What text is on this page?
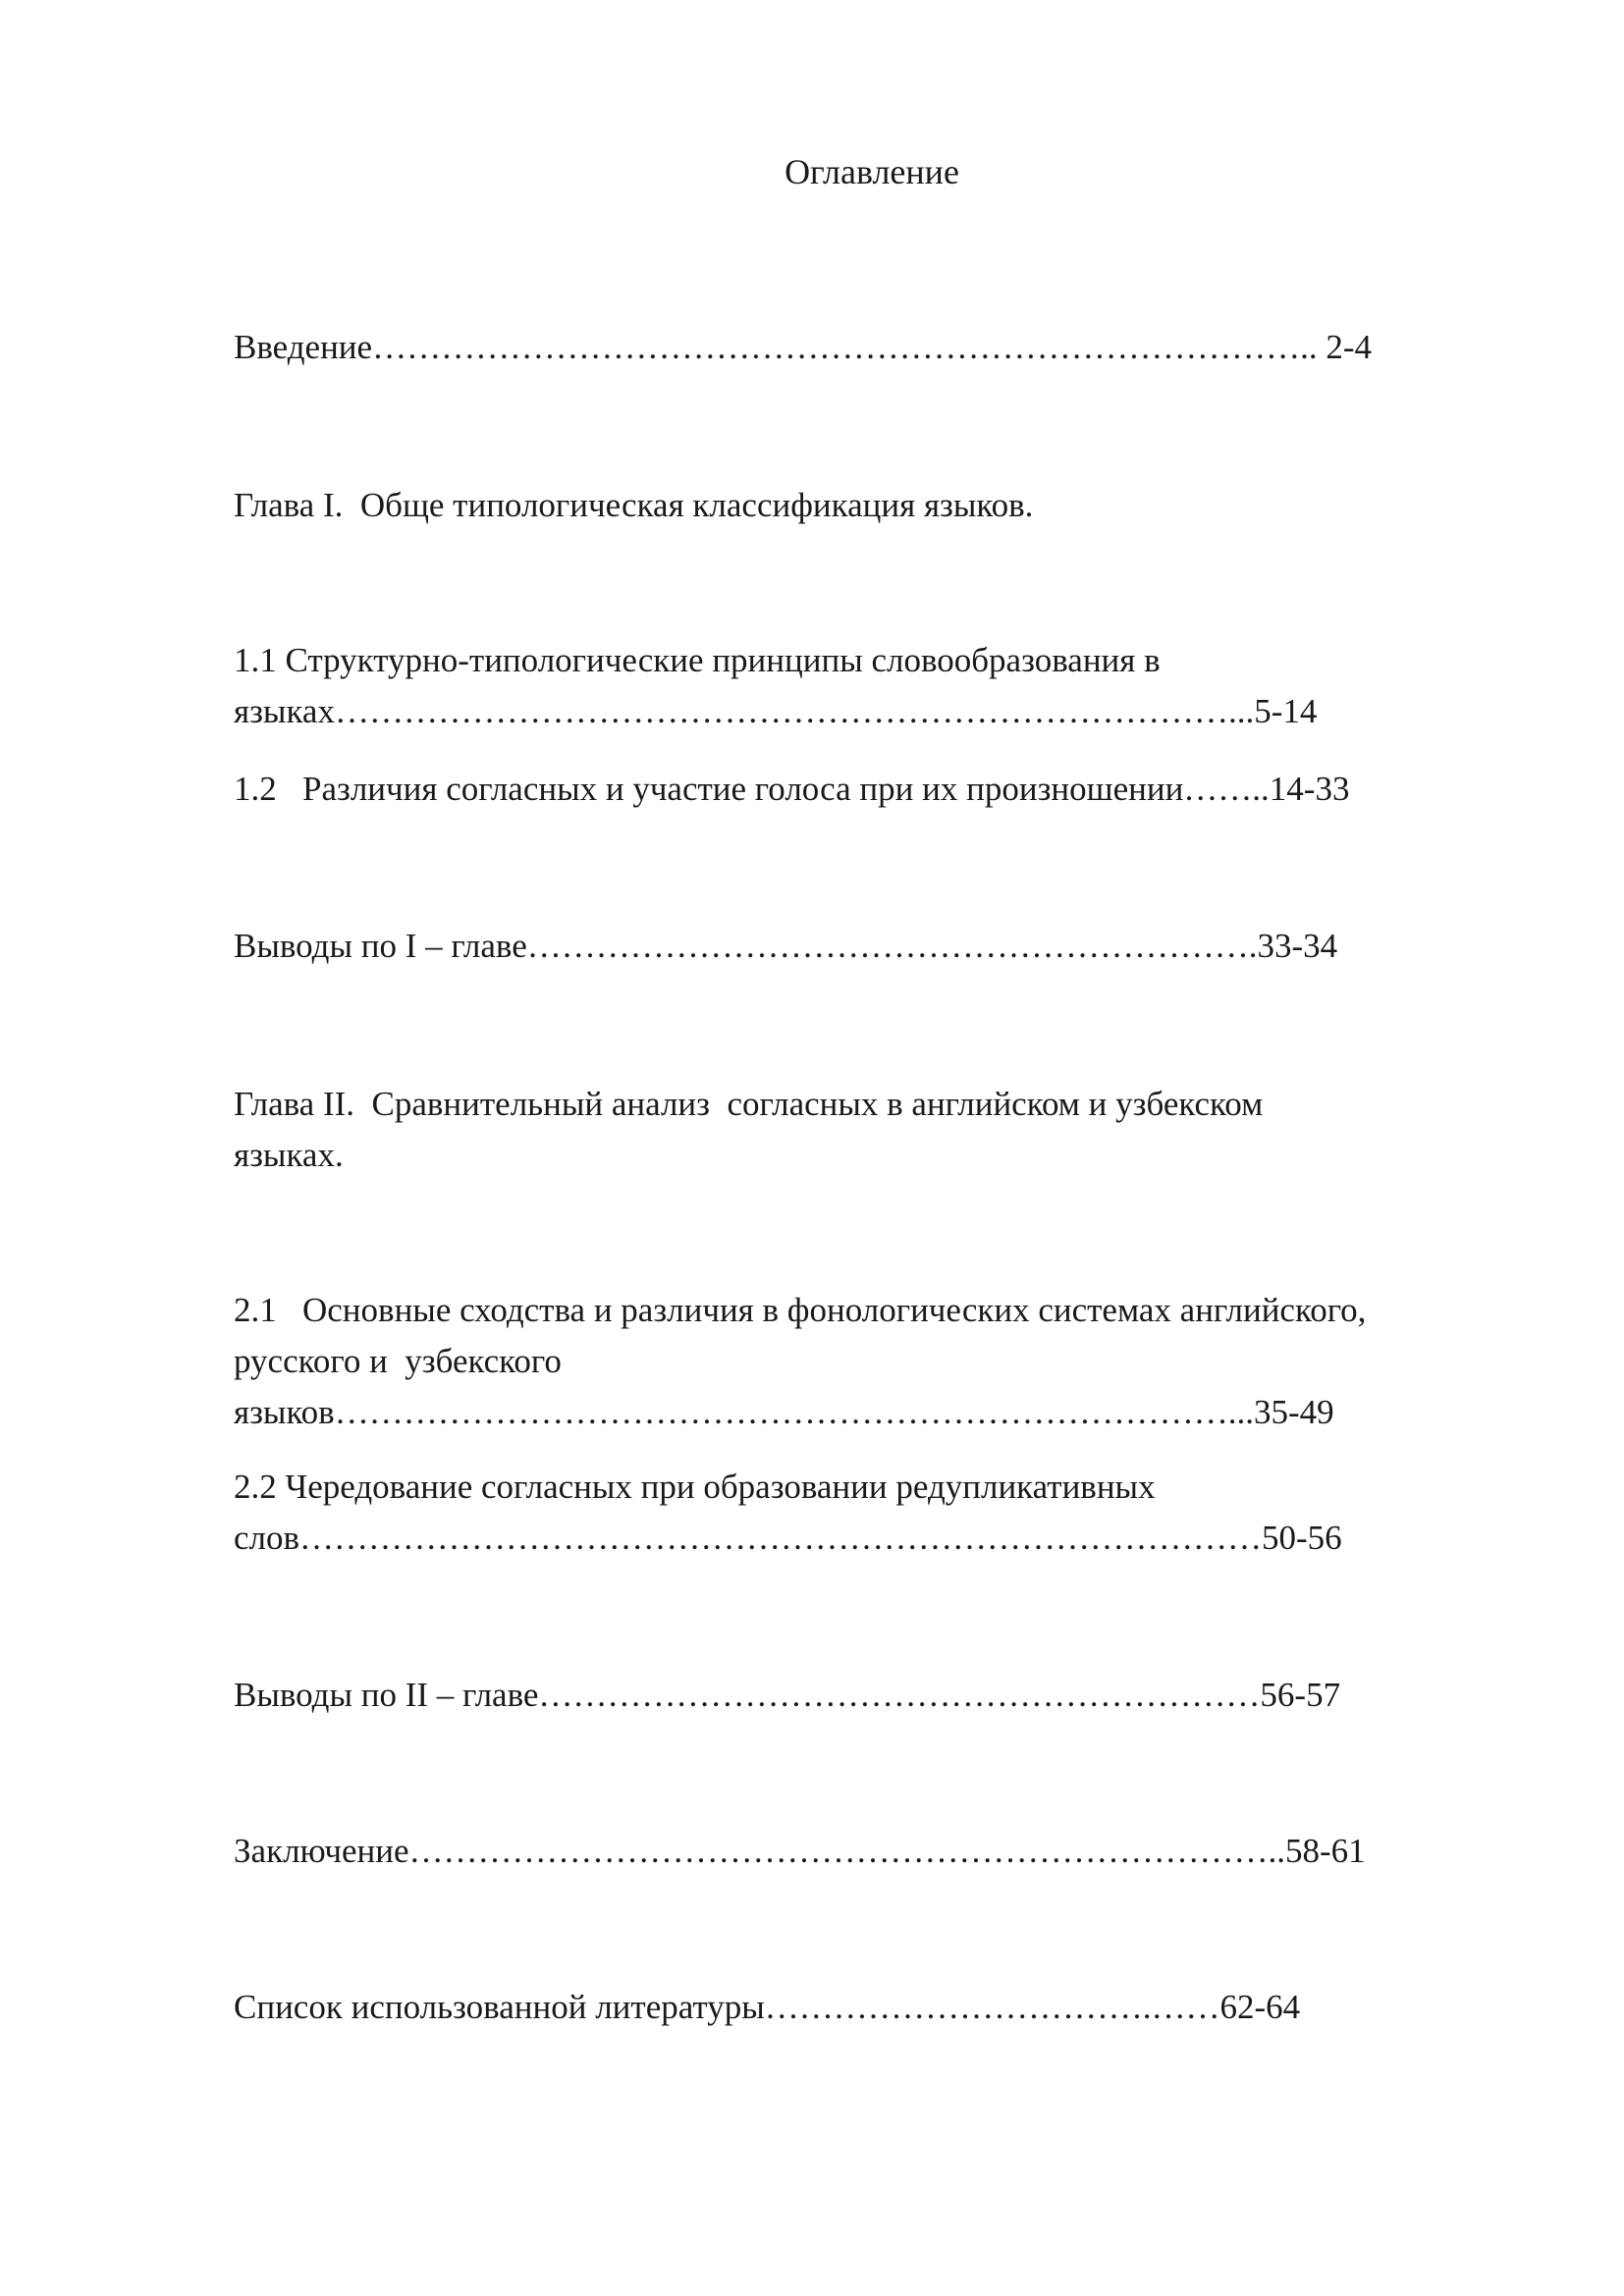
Оглавление
Введение……………………………………………………………………….. 2-4
Глава I.  Обще типологическая классификация языков.
1.1 Структурно-типологические принципы словообразования в
языках……………………………………………………………………...5-14
1.2   Различия согласных и участие голоса при их произношении……..14-33
Выводы по I – главе……………………………………………………….33-34
Глава II.  Сравнительный анализ  согласных в английском и узбекском
языках.
2.1   Основные сходства и различия в фонологических системах английского,
русского и  узбекского
языков……………………………………………………………………...35-49
2.2 Чередование согласных при образовании редупликативных
слов…………………………………………………………………………50-56
Выводы по II – главе………………………………………………………56-57
Заключение…………………………………………………………………..58-61
Список использованной литературы…………………………….……62-64
